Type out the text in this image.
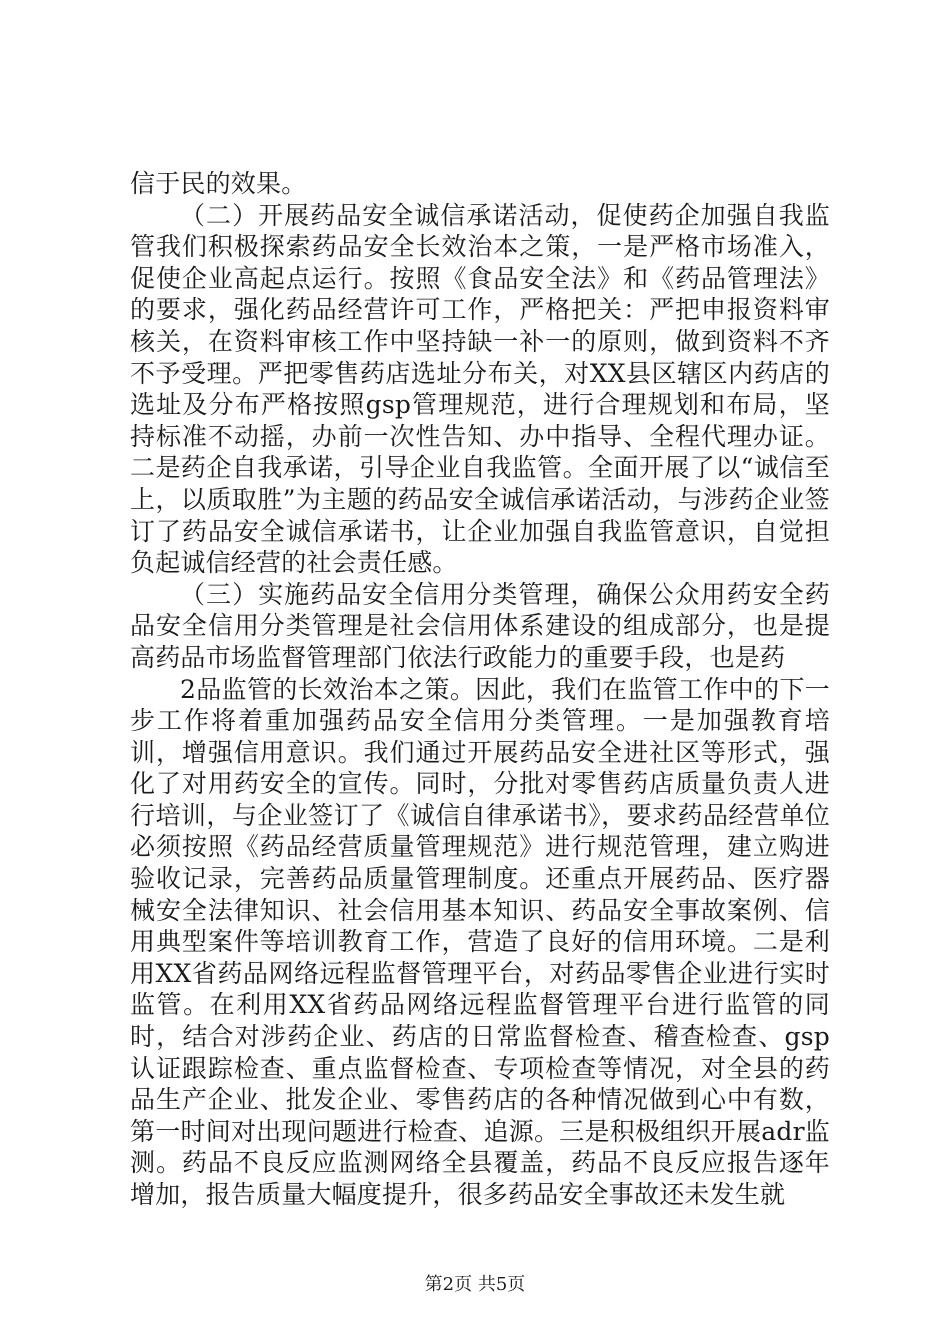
信于民的效果。

（二）开展药品安全诚信承诺活动，促使药企加强自我监管我们积极探索药品安全长效治本之策，一是严格市场准入，促使企业高起点运行。按照《食品安全法》和《药品管理法》的要求，强化药品经营许可工作，严格把关：严把申报资料审核关，在资料审核工作中坚持缺一补一的原则，做到资料不齐不予受理。严把零售药店选址分布关，对XX县区辖区内药店的选址及分布严格按照gsp管理规范，进行合理规划和布局，坚持标准不动摇，办前一次性告知、办中指导、全程代理办证。二是药企自我承诺，引导企业自我监管。全面开展了以“诚信至上，以质取胜”为主题的药品安全诚信承诺活动，与涉药企业签订了药品安全诚信承诺书，让企业加强自我监管意识，自觉担负起诚信经营的社会责任感。

（三）实施药品安全信用分类管理，确保公众用药安全药品安全信用分类管理是社会信用体系建设的组成部分，也是提高药品市场监督管理部门依法行政能力的重要手段，也是药

2品监管的长效治本之策。因此，我们在监管工作中的下一步工作将着重加强药品安全信用分类管理。一是加强教育培训，增强信用意识。我们通过开展药品安全进社区等形式，强化了对用药安全的宣传。同时，分批对零售药店质量负责人进行培训，与企业签订了《诚信自律承诺书》，要求药品经营单位必须按照《药品经营质量管理规范》进行规范管理，建立购进验收记录，完善药品质量管理制度。还重点开展药品、医疗器械安全法律知识、社会信用基本知识、药品安全事故案例、信用典型案件等培训教育工作，营造了良好的信用环境。二是利用XX省药品网络远程监督管理平台，对药品零售企业进行实时监管。在利用XX省药品网络远程监督管理平台进行监管的同时，结合对涉药企业、药店的日常监督检查、稽查检查、gsp认证跟踪检查、重点监督检查、专项检查等情况，对全县的药品生产企业、批发企业、零售药店的各种情况做到心中有数，第一时间对出现问题进行检查、追源。三是积极组织开展adr监测。药品不良反应监测网络全县覆盖，药品不良反应报告逐年增加，报告质量大幅度提升，很多药品安全事故还未发生就

第2页 共5页
